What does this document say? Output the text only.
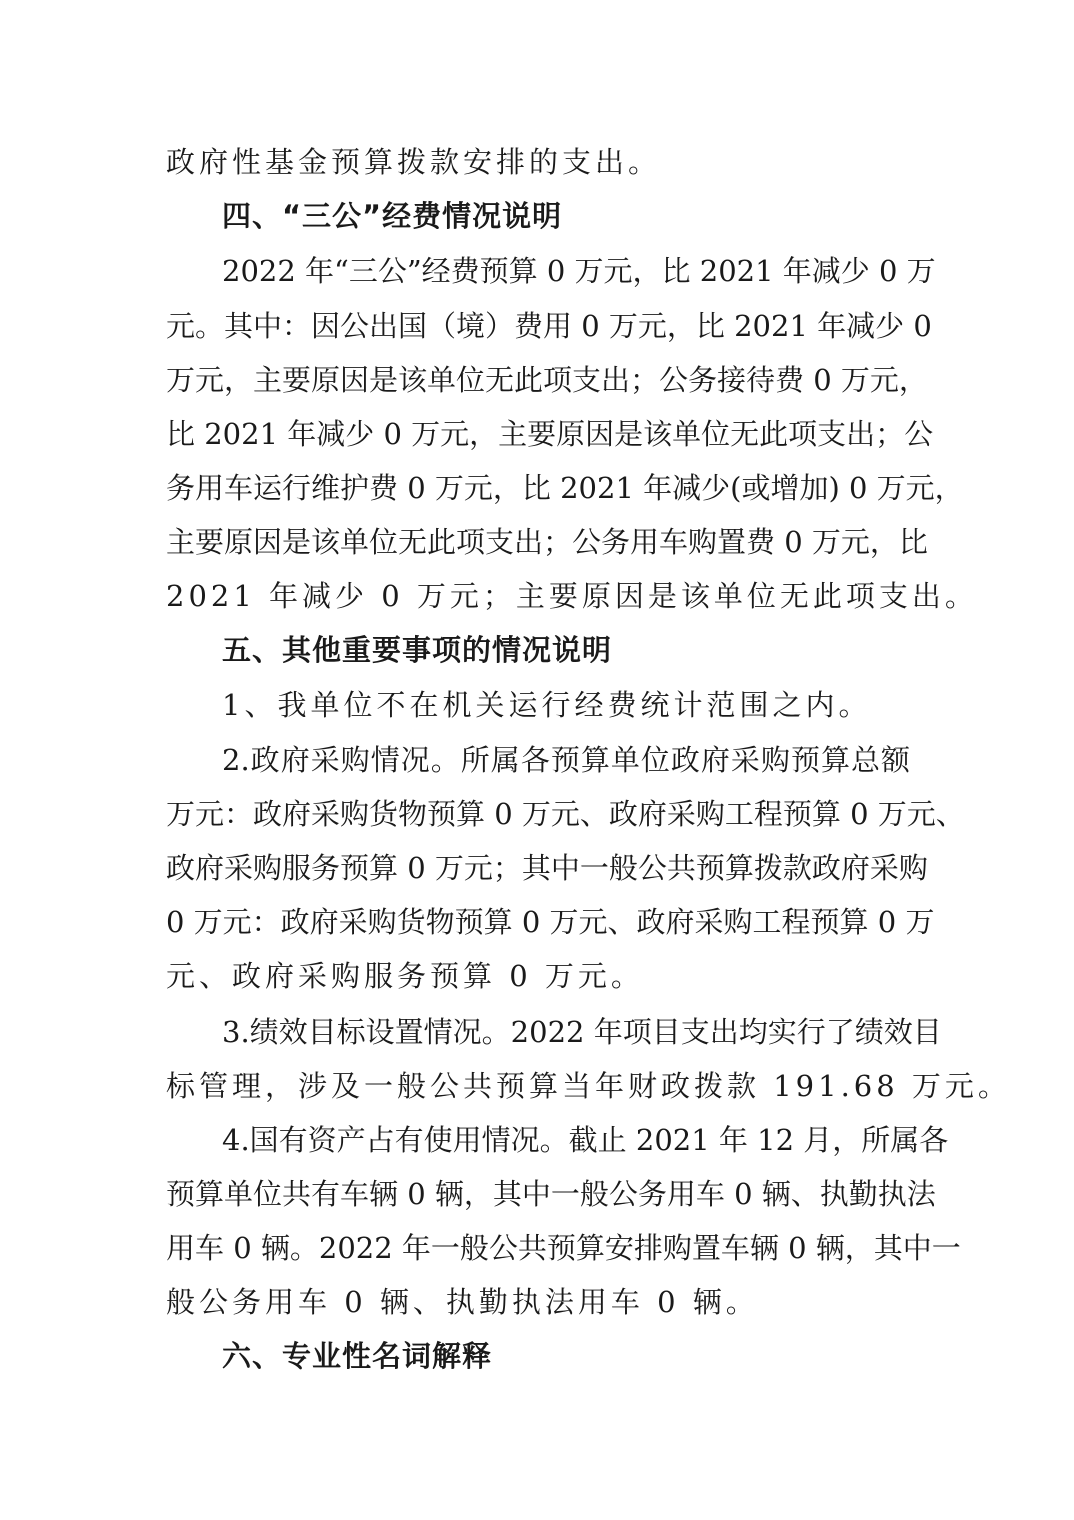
政府性基金预算拨款安排的支出。
四、“三公”经费情况说明
2022 年“三公”经费预算 0 万元，比 2021 年减少 0 万
元。其中：因公出国（境）费用 0 万元，比 2021 年减少 0
万元，主要原因是该单位无此项支出；公务接待费 0 万元，
比 2021 年减少 0 万元，主要原因是该单位无此项支出；公
务用车运行维护费 0 万元，比 2021 年减少(或增加) 0 万元，
主要原因是该单位无此项支出；公务用车购置费 0 万元，比
2021 年减少 0 万元；主要原因是该单位无此项支出。
五、其他重要事项的情况说明
1、我单位不在机关运行经费统计范围之内。
2.政府采购情况。所属各预算单位政府采购预算总额
万元：政府采购货物预算 0 万元、政府采购工程预算 0 万元、
政府采购服务预算 0 万元；其中一般公共预算拨款政府采购
0 万元：政府采购货物预算 0 万元、政府采购工程预算 0 万
元、政府采购服务预算 0 万元。
3.绩效目标设置情况。2022 年项目支出均实行了绩效目
标管理，涉及一般公共预算当年财政拨款 191.68 万元。
4.国有资产占有使用情况。截止 2021 年 12 月，所属各
预算单位共有车辆 0 辆，其中一般公务用车 0 辆、执勤执法
用车 0 辆。2022 年一般公共预算安排购置车辆 0 辆，其中一
般公务用车 0 辆、执勤执法用车 0 辆。
六、专业性名词解释
